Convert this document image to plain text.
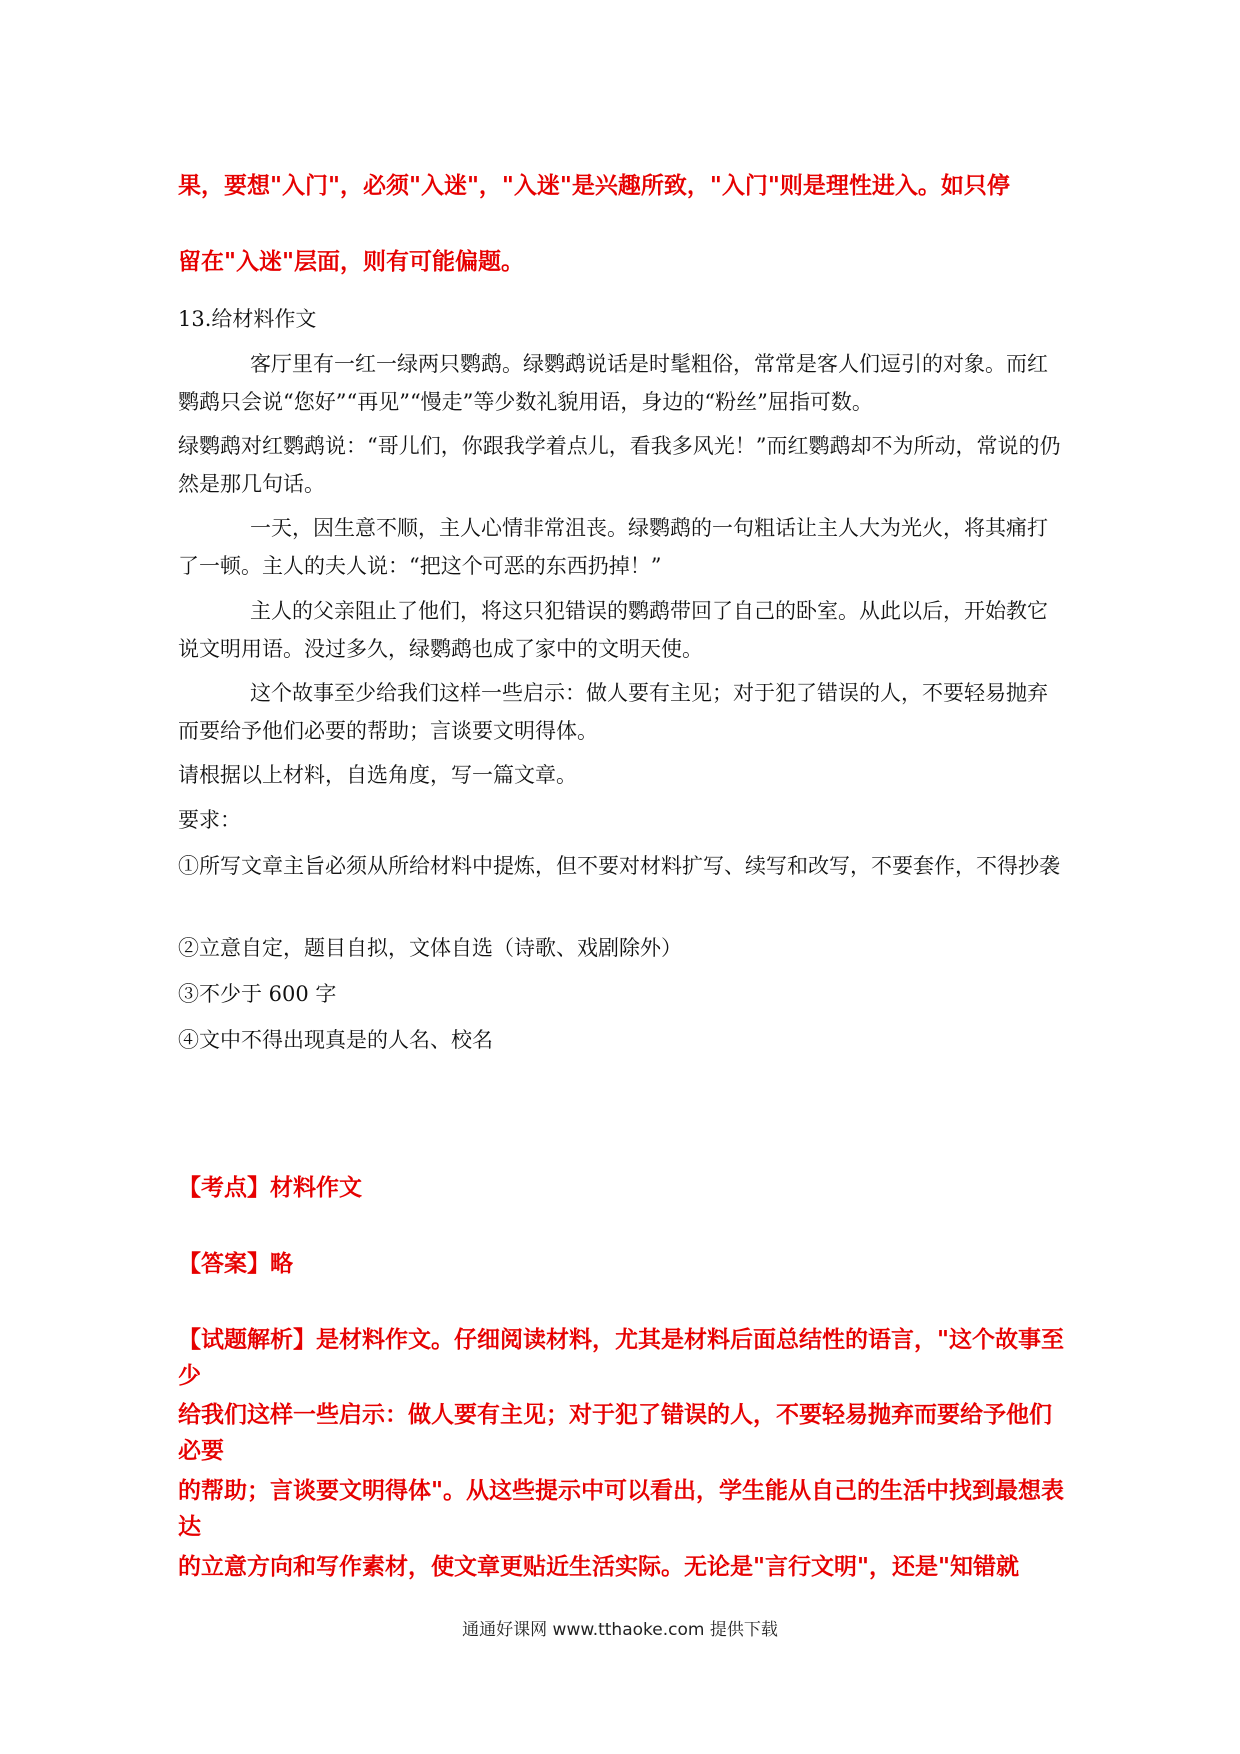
果，要想"入门"，必须"入迷"，"入迷"是兴趣所致，"入门"则是理性进入。如只停

留在"入迷"层面，则有可能偏题。

13.给材料作文

客厅里有一红一绿两只鹦鹉。绿鹦鹉说话是时髦粗俗，常常是客人们逗引的对象。而红鹦鹉只会说“您好”“再见”“慢走”等少数礼貌用语，身边的“粉丝”屈指可数。

绿鹦鹉对红鹦鹉说：“哥儿们，你跟我学着点儿，看我多风光！”而红鹦鹉却不为所动，常说的仍然是那几句话。

一天，因生意不顺，主人心情非常沮丧。绿鹦鹉的一句粗话让主人大为光火，将其痛打了一顿。主人的夫人说：“把这个可恶的东西扔掉！”

主人的父亲阻止了他们，将这只犯错误的鹦鹉带回了自己的卧室。从此以后，开始教它说文明用语。没过多久，绿鹦鹉也成了家中的文明天使。

这个故事至少给我们这样一些启示：做人要有主见；对于犯了错误的人，不要轻易抛弃而要给予他们必要的帮助；言谈要文明得体。

请根据以上材料，自选角度，写一篇文章。

要求：

①所写文章主旨必须从所给材料中提炼，但不要对材料扩写、续写和改写，不要套作，不得抄袭

②立意自定，题目自拟，文体自选（诗歌、戏剧除外）

③不少于 600 字

④文中不得出现真是的人名、校名

【考点】材料作文

【答案】略

【试题解析】是材料作文。仔细阅读材料，尤其是材料后面总结性的语言，"这个故事至少

给我们这样一些启示：做人要有主见；对于犯了错误的人，不要轻易抛弃而要给予他们必要

的帮助；言谈要文明得体"。从这些提示中可以看出，学生能从自己的生活中找到最想表达

的立意方向和写作素材，使文章更贴近生活实际。无论是"言行文明"，还是"知错就

通通好课网 www.tthaoke.com 提供下载
